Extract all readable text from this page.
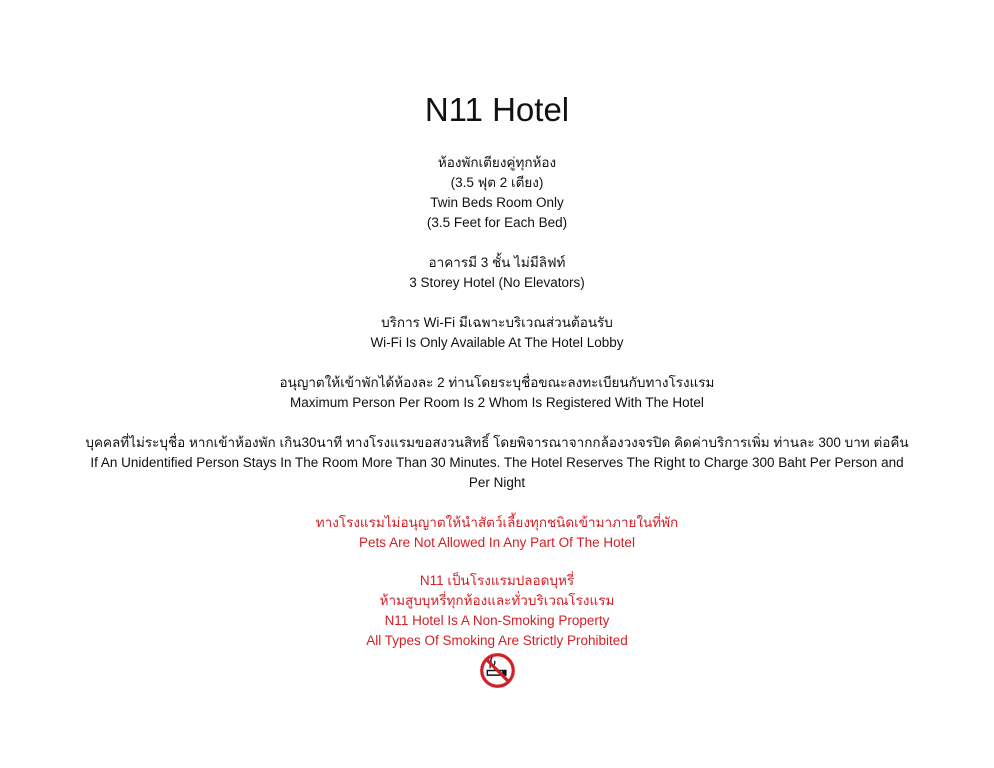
N11 Hotel
ห้องพักเตียงคู่ทุกห้อง
(3.5 ฟุต 2 เตียง)
Twin Beds Room Only
(3.5 Feet for Each Bed)
อาคารมี 3 ชั้น ไม่มีลิฟท์
3 Storey Hotel (No Elevators)
บริการ Wi-Fi มีเฉพาะบริเวณส่วนต้อนรับ
Wi-Fi Is Only Available At The Hotel Lobby
อนุญาตให้เข้าพักได้ห้องละ 2 ท่านโดยระบุชื่อขณะลงทะเบียนกับทางโรงแรม
Maximum Person Per Room Is 2 Whom Is Registered With The Hotel
บุคคลที่ไม่ระบุชื่อ หากเข้าห้องพัก เกิน30นาที ทางโรงแรมขอสงวนสิทธิ์ โดยพิจารณาจากกล้องวงจรปิด คิดค่าบริการเพิ่ม ท่านละ 300 บาท ต่อคืน
If An Unidentified Person Stays In The Room More Than 30 Minutes. The Hotel Reserves The Right to Charge 300 Baht Per Person and Per Night
ทางโรงแรมไม่อนุญาตให้นำสัตว์เลี้ยงทุกชนิดเข้ามาภายในที่พัก
Pets Are Not Allowed In Any Part Of The Hotel
N11 เป็นโรงแรมปลอดบุหรี่
ห้ามสูบบุหรี่ทุกห้องและทั่วบริเวณโรงแรม
N11 Hotel Is A Non-Smoking Property
All Types Of Smoking Are Strictly Prohibited
